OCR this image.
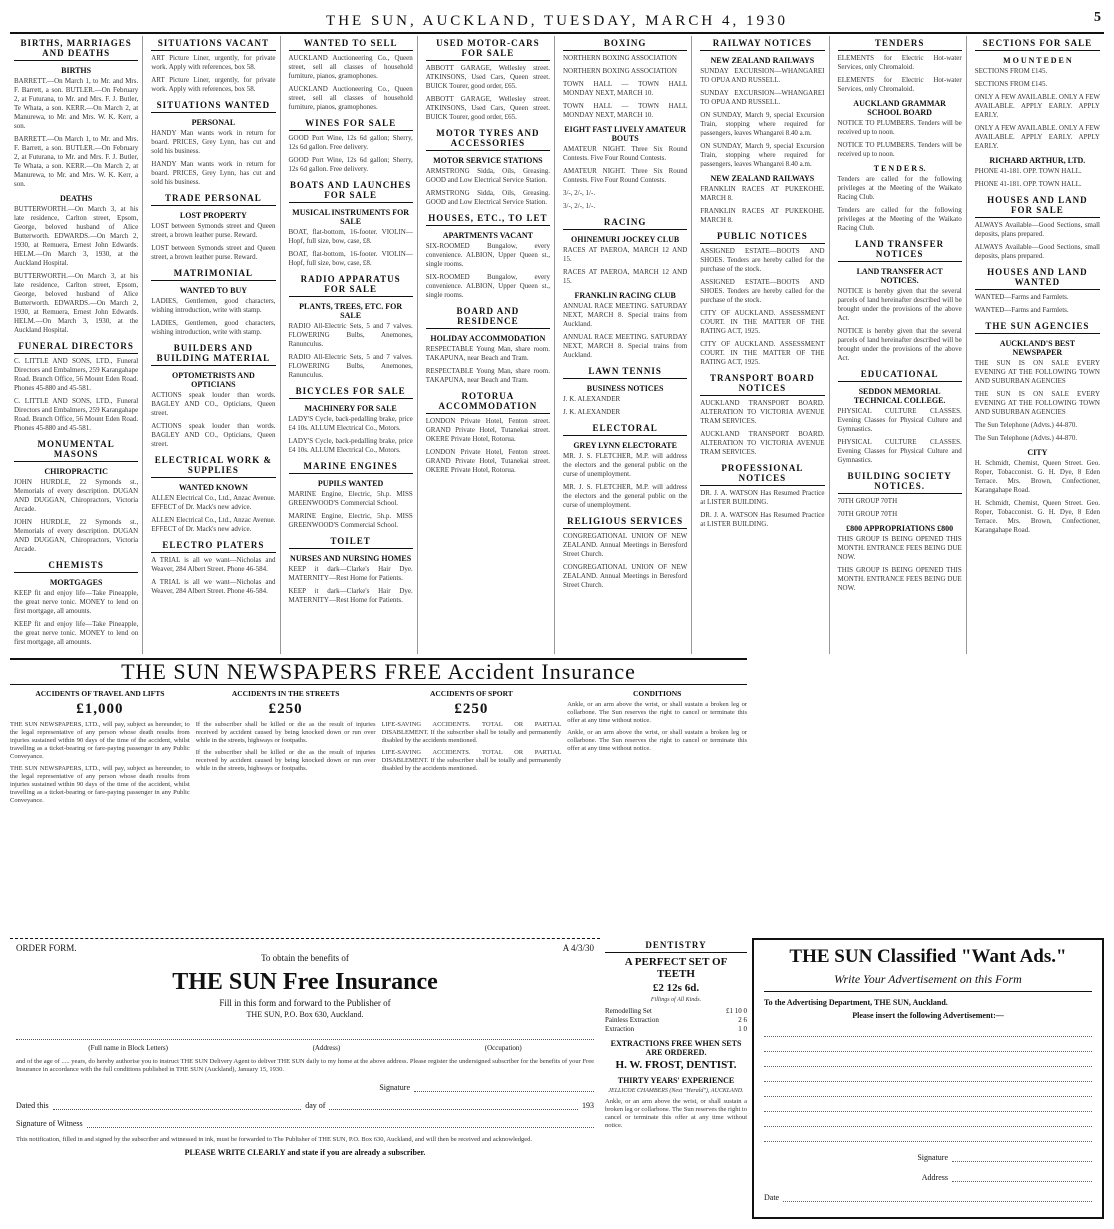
THE SUN, AUCKLAND, TUESDAY, MARCH 4, 1930	5
BIRTHS, MARRIAGES AND DEATHS
BIRTHS

BARRETT.—On March 1, to Mr. and Mrs. F. Barrett, a son. BUTLER.—On February 2, at Futurana, to Mr. and Mrs. F. J. Butler, Te Whata, a son. KERR.—On March 2, at Manurewa, to Mr. and Mrs. W. K. Kerr, a son.

BARRETT.—On March 1, to Mr. and Mrs. F. Barrett, a son. BUTLER.—On February 2, at Futurana, to Mr. and Mrs. F. J. Butler, Te Whata, a son. KERR.—On March 2, at Manurewa, to Mr. and Mrs. W. K. Kerr, a son.

DEATHS

BUTTERWORTH.—On March 3, at his late residence, Carlton street, Epsom, George, beloved husband of Alice Butterworth. EDWARDS.—On March 2, 1930, at Remuera, Ernest John Edwards. HELM.—On March 3, 1930, at the Auckland Hospital.

BUTTERWORTH.—On March 3, at his late residence, Carlton street, Epsom, George, beloved husband of Alice Butterworth. EDWARDS.—On March 2, 1930, at Remuera, Ernest John Edwards. HELM.—On March 3, 1930, at the Auckland Hospital.

FUNERAL DIRECTORS

C. LITTLE AND SONS, LTD., Funeral Directors and Embalmers, 259 Karangahape Road. Branch Office, 56 Mount Eden Road. Phones 45-880 and 45-581.

C. LITTLE AND SONS, LTD., Funeral Directors and Embalmers, 259 Karangahape Road. Branch Office, 56 Mount Eden Road. Phones 45-880 and 45-581.

MONUMENTAL MASONS
CHIROPRACTIC

JOHN HURDLE, 22 Symonds st., Memorials of every description. DUGAN AND DUGGAN, Chiropractors, Victoria Arcade.

JOHN HURDLE, 22 Symonds st., Memorials of every description. DUGAN AND DUGGAN, Chiropractors, Victoria Arcade.

CHEMISTS
MORTGAGES

KEEP fit and enjoy life—Take Pineapple, the great nerve tonic. MONEY to lend on first mortgage, all amounts.

KEEP fit and enjoy life—Take Pineapple, the great nerve tonic. MONEY to lend on first mortgage, all amounts.

SITUATIONS VACANT

ART Picture Liner, urgently, for private work. Apply with references, box 58.

ART Picture Liner, urgently, for private work. Apply with references, box 58.

SITUATIONS WANTED
PERSONAL

HANDY Man wants work in return for board. PRICES, Grey Lynn, has cut and sold his business.

HANDY Man wants work in return for board. PRICES, Grey Lynn, has cut and sold his business.

TRADE PERSONAL
LOST PROPERTY

LOST between Symonds street and Queen street, a brown leather purse. Reward.

LOST between Symonds street and Queen street, a brown leather purse. Reward.

MATRIMONIAL
WANTED TO BUY

LADIES, Gentlemen, good characters, wishing introduction, write with stamp.

LADIES, Gentlemen, good characters, wishing introduction, write with stamp.

BUILDERS AND BUILDING MATERIAL
OPTOMETRISTS AND OPTICIANS

ACTIONS speak louder than words. BAGLEY AND CO., Opticians, Queen street.

ACTIONS speak louder than words. BAGLEY AND CO., Opticians, Queen street.

ELECTRICAL WORK & SUPPLIES
WANTED KNOWN

ALLEN Electrical Co., Ltd., Anzac Avenue. EFFECT of Dr. Mack's new advice.

ALLEN Electrical Co., Ltd., Anzac Avenue. EFFECT of Dr. Mack's new advice.

ELECTRO PLATERS

A TRIAL is all we want—Nicholas and Weaver, 284 Albert Street. Phone 46-584.

A TRIAL is all we want—Nicholas and Weaver, 284 Albert Street. Phone 46-584.

WANTED TO SELL

AUCKLAND Auctioneering Co., Queen street, sell all classes of household furniture, pianos, gramophones.

AUCKLAND Auctioneering Co., Queen street, sell all classes of household furniture, pianos, gramophones.

WINES FOR SALE

GOOD Port Wine, 12s 6d gallon; Sherry, 12s 6d gallon. Free delivery.

GOOD Port Wine, 12s 6d gallon; Sherry, 12s 6d gallon. Free delivery.

BOATS AND LAUNCHES FOR SALE
MUSICAL INSTRUMENTS FOR SALE

BOAT, flat-bottom, 16-footer. VIOLIN—Hopf, full size, bow, case, £8.

BOAT, flat-bottom, 16-footer. VIOLIN—Hopf, full size, bow, case, £8.

RADIO APPARATUS FOR SALE
PLANTS, TREES, ETC. FOR SALE

RADIO All-Electric Sets, 5 and 7 valves. FLOWERING Bulbs, Anemones, Ranunculus.

RADIO All-Electric Sets, 5 and 7 valves. FLOWERING Bulbs, Anemones, Ranunculus.

BICYCLES FOR SALE
MACHINERY FOR SALE

LADY'S Cycle, back-pedalling brake, price £4 10s. ALLUM Electrical Co., Motors.

LADY'S Cycle, back-pedalling brake, price £4 10s. ALLUM Electrical Co., Motors.

MARINE ENGINES
PUPILS WANTED

MARINE Engine, Electric, 5h.p. MISS GREENWOOD'S Commercial School.

MARINE Engine, Electric, 5h.p. MISS GREENWOOD'S Commercial School.

TOILET
NURSES AND NURSING HOMES

KEEP it dark—Clarke's Hair Dye. MATERNITY—Rest Home for Patients.

KEEP it dark—Clarke's Hair Dye. MATERNITY—Rest Home for Patients.

USED MOTOR-CARS FOR SALE

ABBOTT GARAGE, Wellesley street. ATKINSONS, Used Cars, Queen street. BUICK Tourer, good order, £65.

ABBOTT GARAGE, Wellesley street. ATKINSONS, Used Cars, Queen street. BUICK Tourer, good order, £65.

MOTOR TYRES AND ACCESSORIES
MOTOR SERVICE STATIONS

ARMSTRONG Sidda, Oils, Greasing. GOOD and Low Electrical Service Station.

ARMSTRONG Sidda, Oils, Greasing. GOOD and Low Electrical Service Station.

HOUSES, ETC., TO LET
APARTMENTS VACANT

SIX-ROOMED Bungalow, every convenience. ALBION, Upper Queen st., single rooms.

SIX-ROOMED Bungalow, every convenience. ALBION, Upper Queen st., single rooms.

BOARD AND RESIDENCE
HOLIDAY ACCOMMODATION

RESPECTABLE Young Man, share room. TAKAPUNA, near Beach and Tram.

RESPECTABLE Young Man, share room. TAKAPUNA, near Beach and Tram.

ROTORUA ACCOMMODATION

LONDON Private Hotel, Fenton street. GRAND Private Hotel, Tutanekai street. OKERE Private Hotel, Rotorua.

LONDON Private Hotel, Fenton street. GRAND Private Hotel, Tutanekai street. OKERE Private Hotel, Rotorua.

BOXING

NORTHERN BOXING ASSOCIATION

NORTHERN BOXING ASSOCIATION

TOWN HALL — TOWN HALL MONDAY NEXT, MARCH 10.

TOWN HALL — TOWN HALL MONDAY NEXT, MARCH 10.

EIGHT FAST LIVELY AMATEUR BOUTS

AMATEUR NIGHT. Three Six Round Contests. Five Four Round Contests.

AMATEUR NIGHT. Three Six Round Contests. Five Four Round Contests.

3/-, 2/-, 1/-.

3/-, 2/-, 1/-.

RACING
OHINEMURI JOCKEY CLUB

RACES AT PAEROA, MARCH 12 AND 15.

RACES AT PAEROA, MARCH 12 AND 15.

FRANKLIN RACING CLUB

ANNUAL RACE MEETING. SATURDAY NEXT, MARCH 8. Special trains from Auckland.

ANNUAL RACE MEETING. SATURDAY NEXT, MARCH 8. Special trains from Auckland.

LAWN TENNIS
BUSINESS NOTICES

J. K. ALEXANDER

J. K. ALEXANDER

ELECTORAL
GREY LYNN ELECTORATE

MR. J. S. FLETCHER, M.P. will address the electors and the general public on the curse of unemployment.

MR. J. S. FLETCHER, M.P. will address the electors and the general public on the curse of unemployment.

RELIGIOUS SERVICES

CONGREGATIONAL UNION OF NEW ZEALAND. Annual Meetings in Beresford Street Church.

CONGREGATIONAL UNION OF NEW ZEALAND. Annual Meetings in Beresford Street Church.

RAILWAY NOTICES
NEW ZEALAND RAILWAYS

SUNDAY EXCURSION—WHANGAREI TO OPUA AND RUSSELL.

SUNDAY EXCURSION—WHANGAREI TO OPUA AND RUSSELL.

ON SUNDAY, March 9, special Excursion Train, stopping where required for passengers, leaves Whangarei 8.40 a.m.

ON SUNDAY, March 9, special Excursion Train, stopping where required for passengers, leaves Whangarei 8.40 a.m.

NEW ZEALAND RAILWAYS

FRANKLIN RACES AT PUKEKOHE. MARCH 8.

FRANKLIN RACES AT PUKEKOHE. MARCH 8.

PUBLIC NOTICES

ASSIGNED ESTATE—BOOTS AND SHOES. Tenders are hereby called for the purchase of the stock.

ASSIGNED ESTATE—BOOTS AND SHOES. Tenders are hereby called for the purchase of the stock.

CITY OF AUCKLAND. ASSESSMENT COURT. IN THE MATTER OF THE RATING ACT, 1925.

CITY OF AUCKLAND. ASSESSMENT COURT. IN THE MATTER OF THE RATING ACT, 1925.

TRANSPORT BOARD NOTICES

AUCKLAND TRANSPORT BOARD. ALTERATION TO VICTORIA AVENUE TRAM SERVICES.

AUCKLAND TRANSPORT BOARD. ALTERATION TO VICTORIA AVENUE TRAM SERVICES.

PROFESSIONAL NOTICES

DR. J. A. WATSON Has Resumed Practice at LISTER BUILDING.

DR. J. A. WATSON Has Resumed Practice at LISTER BUILDING.

TENDERS

ELEMENTS for Electric Hot-water Services, only Chromaloid.

ELEMENTS for Electric Hot-water Services, only Chromaloid.

AUCKLAND GRAMMAR SCHOOL BOARD

NOTICE TO PLUMBERS. Tenders will be received up to noon.

NOTICE TO PLUMBERS. Tenders will be received up to noon.

T E N D E R S.

Tenders are called for the following privileges at the Meeting of the Waikato Racing Club.

Tenders are called for the following privileges at the Meeting of the Waikato Racing Club.

LAND TRANSFER NOTICES
LAND TRANSFER ACT NOTICES.

NOTICE is hereby given that the several parcels of land hereinafter described will be brought under the provisions of the above Act.

NOTICE is hereby given that the several parcels of land hereinafter described will be brought under the provisions of the above Act.

EDUCATIONAL
SEDDON MEMORIAL TECHNICAL COLLEGE.

PHYSICAL CULTURE CLASSES. Evening Classes for Physical Culture and Gymnastics.

PHYSICAL CULTURE CLASSES. Evening Classes for Physical Culture and Gymnastics.

BUILDING SOCIETY NOTICES.

70TH GROUP 70TH

70TH GROUP 70TH

£800 APPROPRIATIONS £800

THIS GROUP IS BEING OPENED THIS MONTH. ENTRANCE FEES BEING DUE NOW.

THIS GROUP IS BEING OPENED THIS MONTH. ENTRANCE FEES BEING DUE NOW.

SECTIONS FOR SALE
M O U N T E D E N

SECTIONS FROM £145.

SECTIONS FROM £145.

ONLY A FEW AVAILABLE. ONLY A FEW AVAILABLE. APPLY EARLY. APPLY EARLY.

ONLY A FEW AVAILABLE. ONLY A FEW AVAILABLE. APPLY EARLY. APPLY EARLY.

RICHARD ARTHUR, LTD.

PHONE 41-181. OPP. TOWN HALL.

PHONE 41-181. OPP. TOWN HALL.

HOUSES AND LAND FOR SALE

ALWAYS Available—Good Sections, small deposits, plans prepared.

ALWAYS Available—Good Sections, small deposits, plans prepared.

HOUSES AND LAND WANTED

WANTED—Farms and Farmlets.

WANTED—Farms and Farmlets.

THE SUN AGENCIES
AUCKLAND'S BEST NEWSPAPER

THE SUN IS ON SALE EVERY EVENING AT THE FOLLOWING TOWN AND SUBURBAN AGENCIES

THE SUN IS ON SALE EVERY EVENING AT THE FOLLOWING TOWN AND SUBURBAN AGENCIES

The Sun Telephone (Advts.) 44-870.

The Sun Telephone (Advts.) 44-870.

CITY

H. Schmidt, Chemist, Queen Street. Geo. Roper, Tobacconist. G. H. Dye, 8 Eden Terrace. Mrs. Brown, Confectioner, Karangahape Road.

H. Schmidt, Chemist, Queen Street. Geo. Roper, Tobacconist. G. H. Dye, 8 Eden Terrace. Mrs. Brown, Confectioner, Karangahape Road.

THE SUN NEWSPAPERS FREE Accident Insurance
ACCIDENTS OF TRAVEL AND LIFTS
£1,000

THE SUN NEWSPAPERS, LTD., will pay, subject as hereunder, to the legal representative of any person whose death results from injuries sustained within 90 days of the time of the accident, whilst travelling as a ticket-bearing or fare-paying passenger in any Public Conveyance.

THE SUN NEWSPAPERS, LTD., will pay, subject as hereunder, to the legal representative of any person whose death results from injuries sustained within 90 days of the time of the accident, whilst travelling as a ticket-bearing or fare-paying passenger in any Public Conveyance.

ACCIDENTS IN THE STREETS
£250

If the subscriber shall be killed or die as the result of injuries received by accident caused by being knocked down or run over while in the streets, highways or footpaths.

If the subscriber shall be killed or die as the result of injuries received by accident caused by being knocked down or run over while in the streets, highways or footpaths.

ACCIDENTS OF SPORT
£250

LIFE-SAVING ACCIDENTS. TOTAL OR PARTIAL DISABLEMENT. If the subscriber shall be totally and permanently disabled by the accidents mentioned.

LIFE-SAVING ACCIDENTS. TOTAL OR PARTIAL DISABLEMENT. If the subscriber shall be totally and permanently disabled by the accidents mentioned.

CONDITIONS

Ankle, or an arm above the wrist, or shall sustain a broken leg or collarbone. The Sun reserves the right to cancel or terminate this offer at any time without notice.

Ankle, or an arm above the wrist, or shall sustain a broken leg or collarbone. The Sun reserves the right to cancel or terminate this offer at any time without notice.

ORDER FORM.	A 4/3/30
To obtain the benefits of
THE SUN Free Insurance
Fill in this form and forward to the Publisher of
THE SUN, P.O. Box 630, Auckland.
(Full name in Block Letters)	(Address)	(Occupation)

and of the age of ..... years, do hereby authorise you to instruct THE SUN Delivery Agent to deliver THE SUN daily to my home at the above address. Please register the undersigned subscriber for the benefits of your Free Insurance in accordance with the full conditions published in THE SUN (Auckland), January 15, 1930.

Signature
Dated this	day of	193
Signature of Witness

This notification, filled in and signed by the subscriber and witnessed in ink, must be forwarded to The Publisher of THE SUN, P.O. Box 630, Auckland, and will then be received and acknowledged.

PLEASE WRITE CLEARLY and state if you are already a subscriber.
DENTISTRY
A PERFECT SET OF TEETH
£2 12s 6d.
Fillings of All Kinds.
Remodelling Set	£1 10 0
Painless Extraction	2 6
Extraction	1 0
EXTRACTIONS FREE WHEN SETS ARE ORDERED.
H. W. FROST, DENTIST.
THIRTY YEARS' EXPERIENCE
JELLICOE CHAMBERS (Next "Herald"), AUCKLAND.

Ankle, or an arm above the wrist, or shall sustain a broken leg or collarbone. The Sun reserves the right to cancel or terminate this offer at any time without notice.

THE SUN Classified "Want Ads."
Write Your Advertisement on this Form
To the Advertising Department, THE SUN, Auckland.
Please insert the following Advertisement:—
Signature
Address
Date
